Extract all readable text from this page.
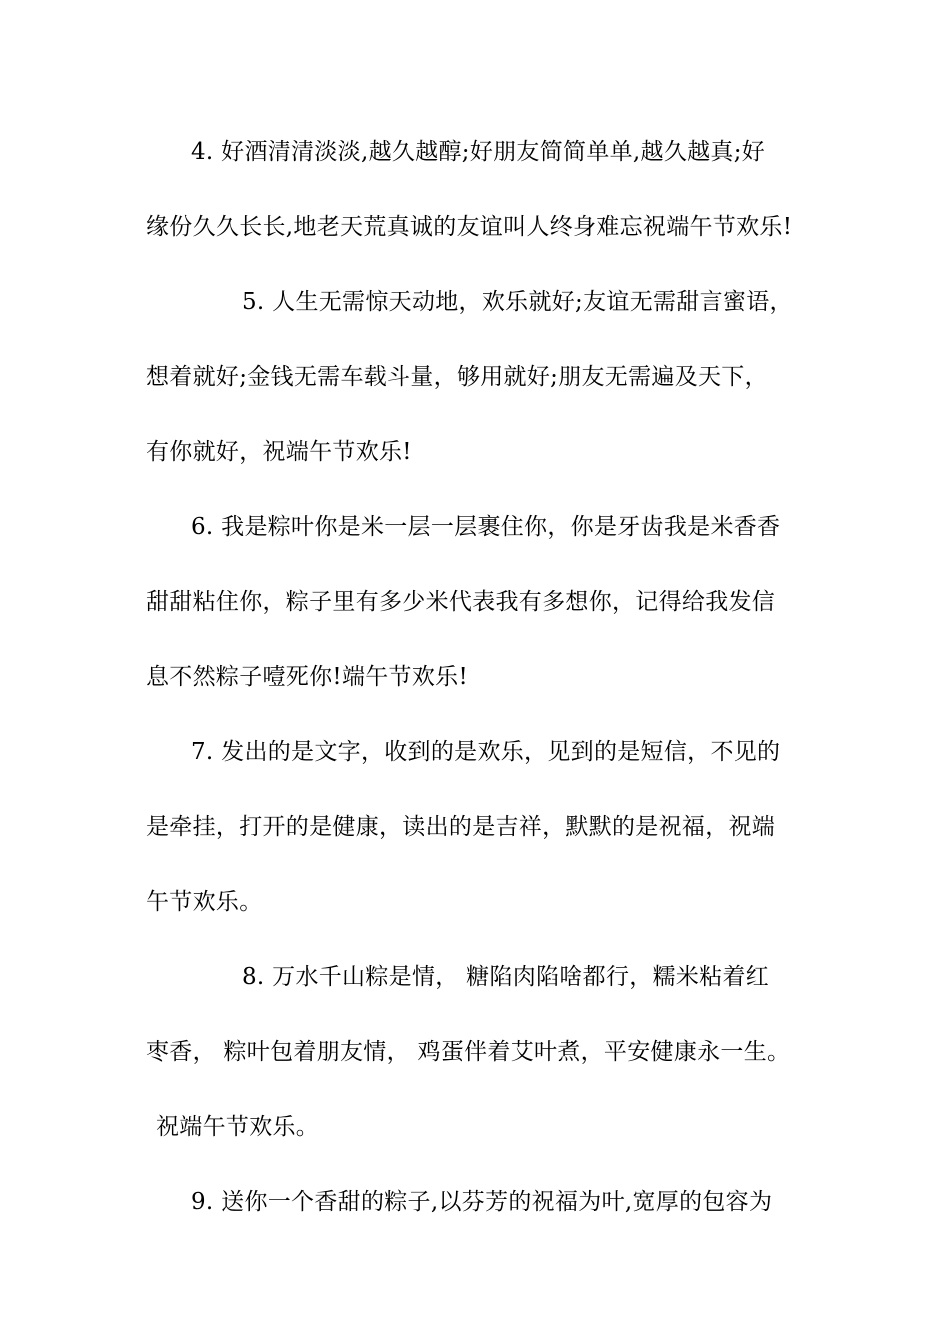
4. 好酒清清淡淡,越久越醇;好朋友简简单单,越久越真;好
缘份久久长长,地老天荒真诚的友谊叫人终身难忘祝端午节欢乐!
5. 人生无需惊天动地，欢乐就好;友谊无需甜言蜜语，
想着就好;金钱无需车载斗量，够用就好;朋友无需遍及天下，
有你就好，祝端午节欢乐!
6. 我是粽叶你是米一层一层裹住你，你是牙齿我是米香香
甜甜粘住你，粽子里有多少米代表我有多想你，记得给我发信
息不然粽子噎死你!端午节欢乐!
7. 发出的是文字，收到的是欢乐，见到的是短信，不见的
是牵挂，打开的是健康，读出的是吉祥，默默的是祝福，祝端
午节欢乐。
8. 万水千山粽是情， 糖陷肉陷啥都行，糯米粘着红
枣香， 粽叶包着朋友情， 鸡蛋伴着艾叶煮，平安健康永一生。
祝端午节欢乐。
9. 送你一个香甜的粽子,以芬芳的祝福为叶,宽厚的包容为
